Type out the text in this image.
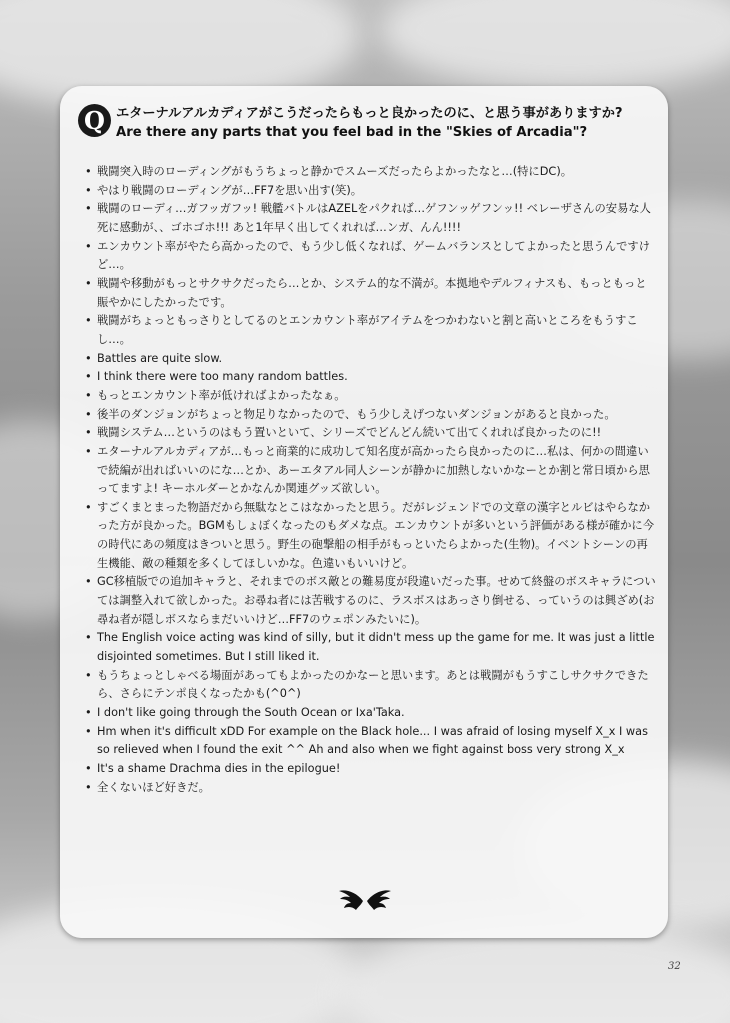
Q エターナルアルカディアがこうだったらもっと良かったのに、と思う事がありますか?
Are there any parts that you feel bad in the "Skies of Arcadia"?
• 戦闘突入時のローディングがもうちょっと静かでスムーズだったらよかったなと…(特にDC)。
• やはり戦闘のローディングが…FF7を思い出す(笑)。
• 戦闘のローディ…ガフッガフッ! 戦艦バトルはAZELをパクれば…ゲフンッゲフンッ!! ベレーザさんの安易な人死に感動が、、ゴホゴホ!!! あと1年早く出してくれれば…ンガ、んん!!!!
• エンカウント率がやたら高かったので、もう少し低くなれば、ゲームバランスとしてよかったと思うんですけど…。
• 戦闘や移動がもっとサクサクだったら…とか、システム的な不満が。本拠地やデルフィナスも、もっともっと賑やかにしたかったです。
• 戦闘がちょっともっさりとしてるのとエンカウント率がアイテムをつかわないと割と高いところをもうすこし…。
• Battles are quite slow.
• I think there were too many random battles.
• もっとエンカウント率が低ければよかったなぁ。
• 後半のダンジョンがちょっと物足りなかったので、もう少しえげつないダンジョンがあると良かった。
• 戦闘システム…というのはもう置いといて、シリーズでどんどん続いて出てくれれば良かったのに!!
• エターナルアルカディアが…もっと商業的に成功して知名度が高かったら良かったのに…私は、何かの間違いで続編が出ればいいのにな…とか、あーエタアル同人シーンが静かに加熱しないかなーとか割と常日頃から思ってますよ! キーホルダーとかなんか関連グッズ欲しい。
• すごくまとまった物語だから無駄なとこはなかったと思う。だがレジェンドでの文章の漢字とルビはやらなかった方が良かった。BGMもしょぼくなったのもダメな点。エンカウントが多いという評価がある様が確かに今の時代にあの頻度はきついと思う。野生の砲撃船の相手がもっといたらよかった(生物)。イベントシーンの再生機能、敵の種類を多くしてほしいかな。色違いもいいけど。
• GC移植版での追加キャラと、それまでのボス敵との難易度が段違いだった事。せめて終盤のボスキャラについては調整入れて欲しかった。お尋ね者には苦戦するのに、ラスボスはあっさり倒せる、っていうのは興ざめ(お尋ね者が隠しボスならまだいいけど…FF7のウェポンみたいに)。
• The English voice acting was kind of silly, but it didn't mess up the game for me. It was just a little disjointed sometimes. But I still liked it.
• もうちょっとしゃべる場面があってもよかったのかなーと思います。あとは戦闘がもうすこしサクサクできたら、さらにテンポ良くなったかも(^0^)
• I don't like going through the South Ocean or Ixa'Taka.
• Hm when it's difficult xDD For example on the Black hole... I was afraid of losing myself X_x I was so relieved when I found the exit ^^ Ah and also when we fight against boss very strong X_x
• It's a shame Drachma dies in the epilogue!
• 全くないほど好きだ。
32
